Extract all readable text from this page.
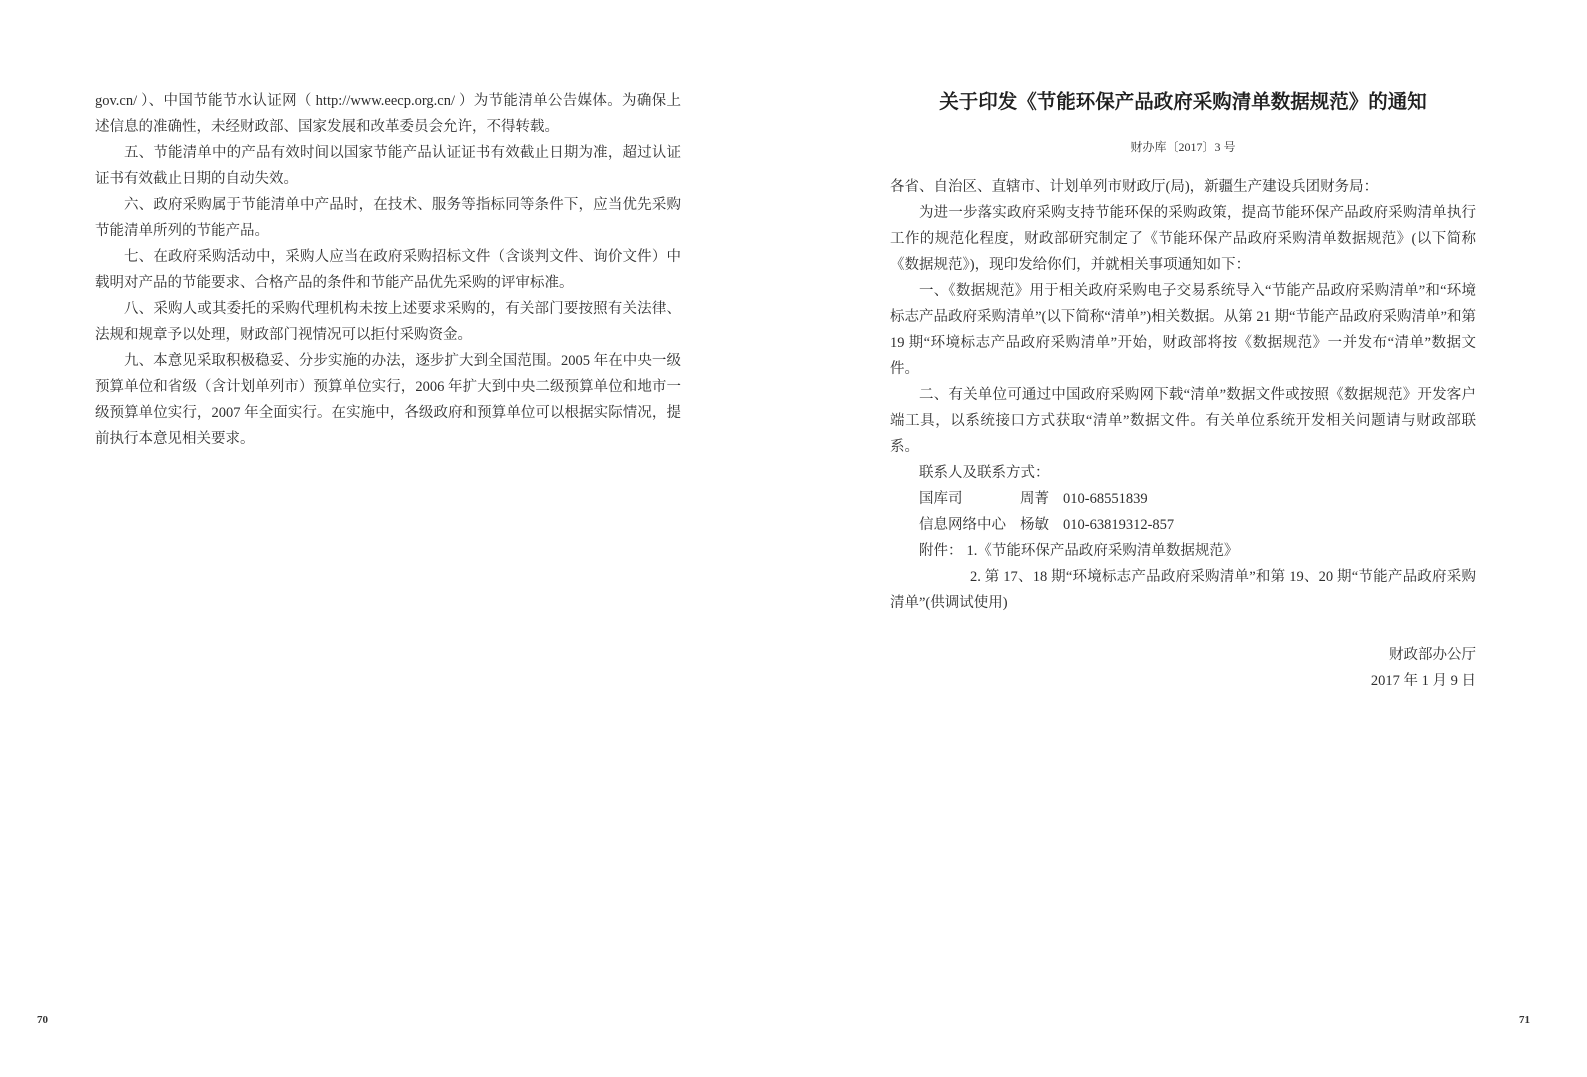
gov.cn/ ）、中国节能节水认证网（ http://www.eecp.org.cn/ ）为节能清单公告媒体。为确保上述信息的准确性，未经财政部、国家发展和改革委员会允许，不得转载。

五、节能清单中的产品有效时间以国家节能产品认证证书有效截止日期为准，超过认证证书有效截止日期的自动失效。

六、政府采购属于节能清单中产品时，在技术、服务等指标同等条件下，应当优先采购节能清单所列的节能产品。

七、在政府采购活动中，采购人应当在政府采购招标文件（含谈判文件、询价文件）中载明对产品的节能要求、合格产品的条件和节能产品优先采购的评审标准。

八、采购人或其委托的采购代理机构未按上述要求采购的，有关部门要按照有关法律、法规和规章予以处理，财政部门视情况可以拒付采购资金。

九、本意见采取积极稳妥、分步实施的办法，逐步扩大到全国范围。2005 年在中央一级预算单位和省级（含计划单列市）预算单位实行，2006 年扩大到中央二级预算单位和地市一级预算单位实行，2007 年全面实行。在实施中，各级政府和预算单位可以根据实际情况，提前执行本意见相关要求。

70
关于印发《节能环保产品政府采购清单数据规范》的通知
财办库〔2017〕3 号

各省、自治区、直辖市、计划单列市财政厅(局)，新疆生产建设兵团财务局：

为进一步落实政府采购支持节能环保的采购政策，提高节能环保产品政府采购清单执行工作的规范化程度，财政部研究制定了《节能环保产品政府采购清单数据规范》(以下简称《数据规范》)，现印发给你们，并就相关事项通知如下：

一、《数据规范》用于相关政府采购电子交易系统导入“节能产品政府采购清单”和“环境标志产品政府采购清单”(以下简称“清单”)相关数据。从第 21 期“节能产品政府采购清单”和第 19 期“环境标志产品政府采购清单”开始，财政部将按《数据规范》一并发布“清单”数据文件。

二、有关单位可通过中国政府采购网下载“清单”数据文件或按照《数据规范》开发客户端工具，以系统接口方式获取“清单”数据文件。有关单位系统开发相关问题请与财政部联系。

联系人及联系方式：

国库司	周菁 010-68551839
信息网络中心 杨敏 010-63819312-857

附件： 1.《节能环保产品政府采购清单数据规范》

2. 第 17、18 期“环境标志产品政府采购清单”和第 19、20 期“节能产品政府采购清单”(供调试使用)

财政部办公厅

2017 年 1 月 9 日

71
